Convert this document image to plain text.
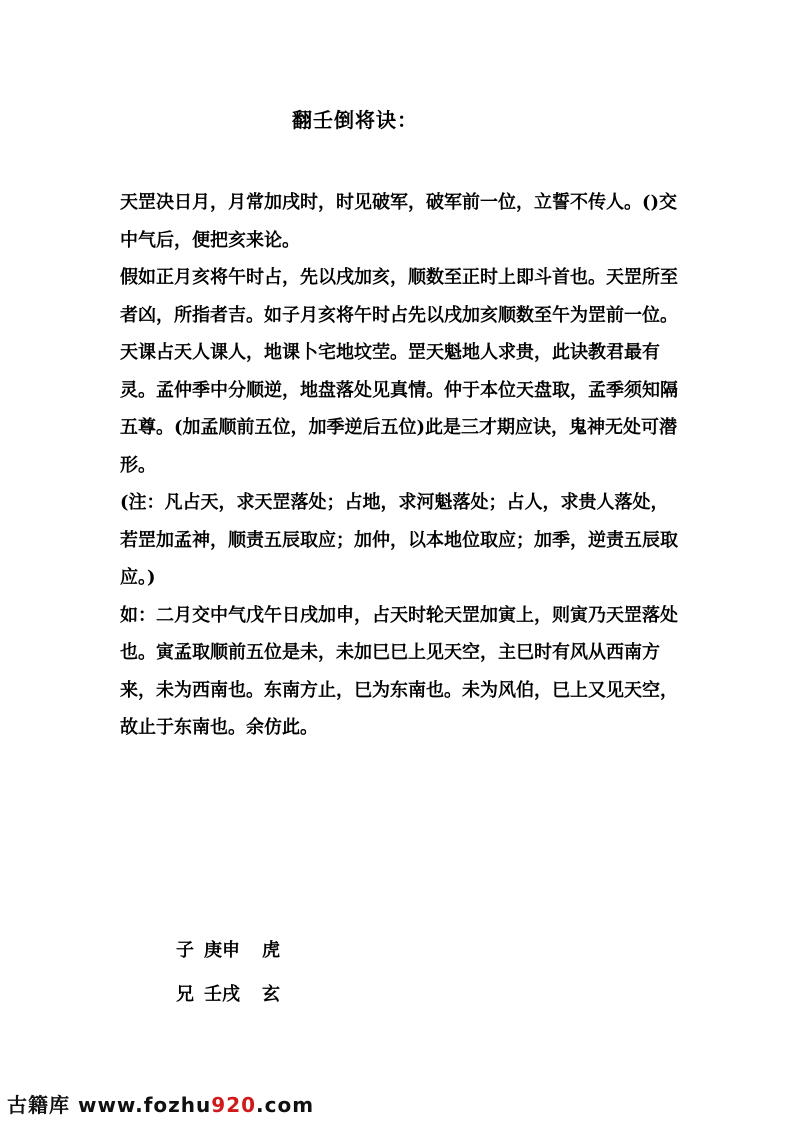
翻壬倒将诀：

天罡决日月，月常加戌时，时见破军，破军前一位，立誓不传人。()交中气后，便把亥来论。

假如正月亥将午时占，先以戌加亥，顺数至正时上即斗首也。天罡所至者凶，所指者吉。如子月亥将午时占先以戌加亥顺数至午为罡前一位。

天课占天人课人，地课卜宅地坟茔。罡天魁地人求贵，此诀教君最有灵。孟仲季中分顺逆，地盘落处见真情。仲于本位天盘取，孟季须知隔五尊。(加孟顺前五位，加季逆后五位)此是三才期应诀，鬼神无处可潜形。

(注：凡占天，求天罡落处；占地，求河魁落处；占人，求贵人落处，若罡加孟神，顺责五辰取应；加仲，以本地位取应；加季，逆责五辰取应。)

如：二月交中气戊午日戌加申，占天时轮天罡加寅上，则寅乃天罡落处也。寅孟取顺前五位是未，未加巳巳上见天空，主巳时有风从西南方来，未为西南也。东南方止，巳为东南也。未为风伯，巳上又见天空，故止于东南也。余仿此。

子 庚申 虎
兄 壬戌 玄
古籍库 www.fozhu920.com
